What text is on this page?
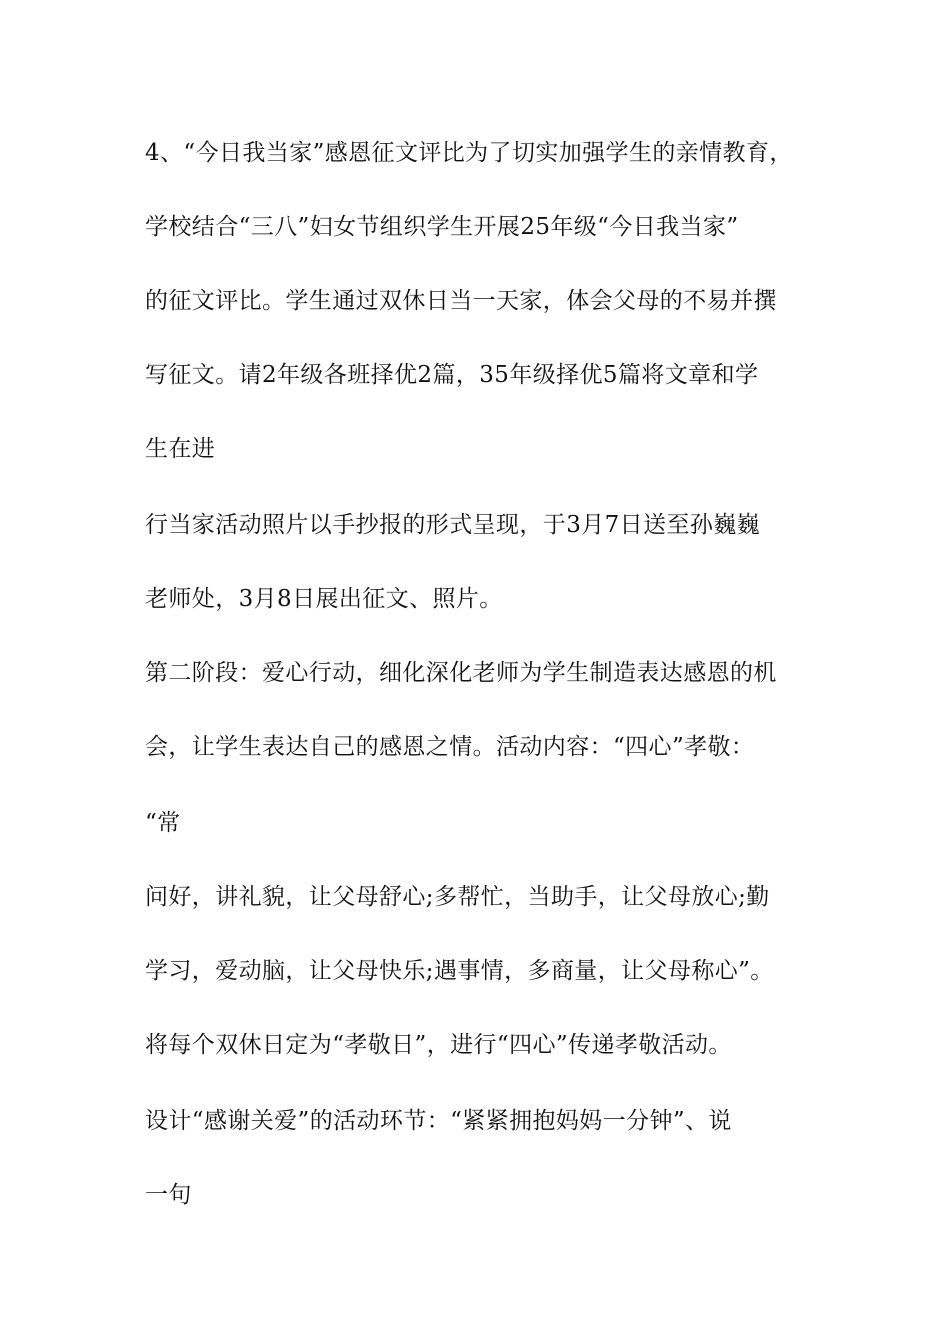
4、“今日我当家”感恩征文评比为了切实加强学生的亲情教育，

学校结合“三八”妇女节组织学生开展25年级“今日我当家”

的征文评比。学生通过双休日当一天家，体会父母的不易并撰

写征文。请2年级各班择优2篇，35年级择优5篇将文章和学

生在进

行当家活动照片以手抄报的形式呈现，于3月7日送至孙巍巍

老师处，3月8日展出征文、照片。

第二阶段：爱心行动，细化深化老师为学生制造表达感恩的机

会，让学生表达自己的感恩之情。活动内容：“四心”孝敬：

“常

问好，讲礼貌，让父母舒心;多帮忙，当助手，让父母放心;勤

学习，爱动脑，让父母快乐;遇事情，多商量，让父母称心”。

将每个双休日定为“孝敬日”，进行“四心”传递孝敬活动。

设计“感谢关爱”的活动环节：“紧紧拥抱妈妈一分钟”、说

一句
